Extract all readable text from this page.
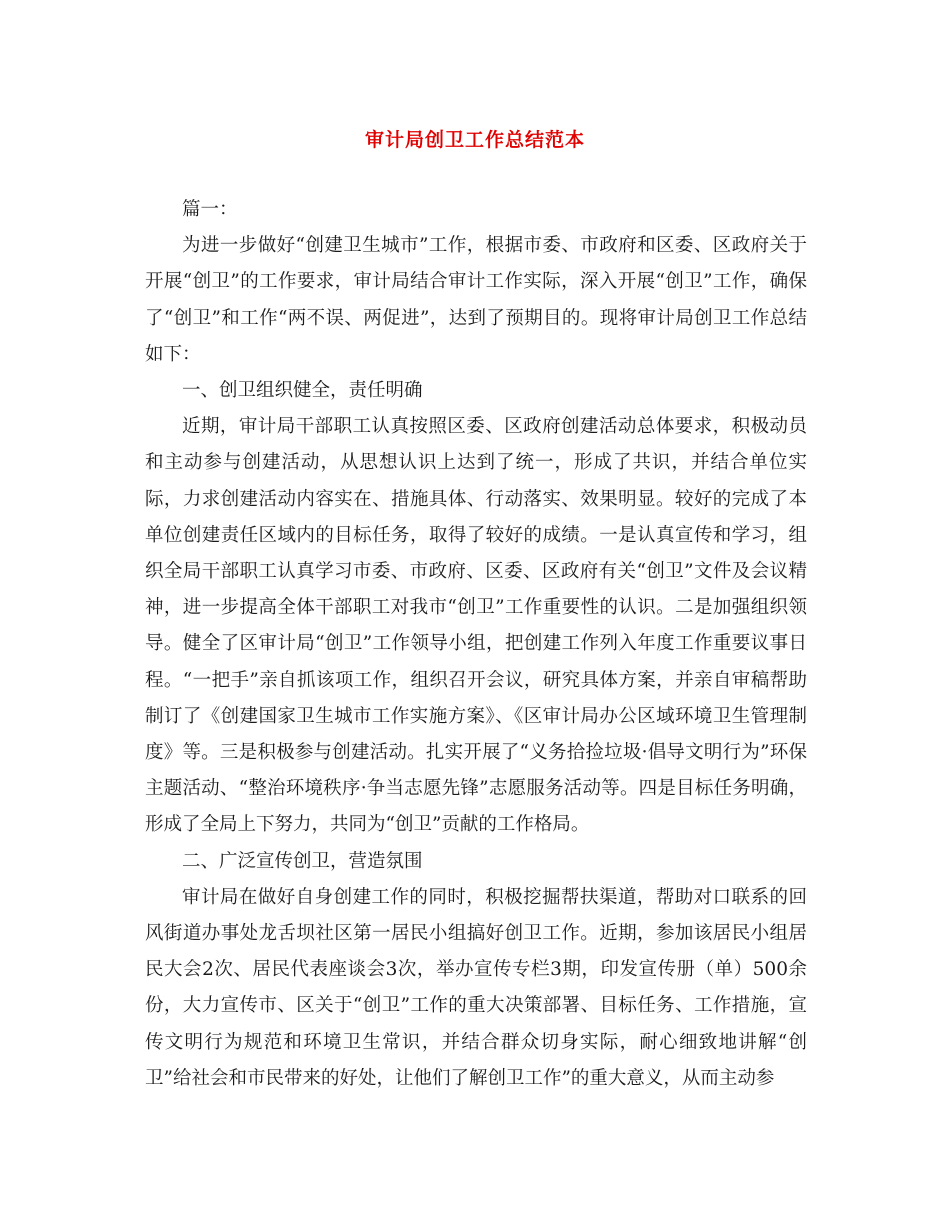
审计局创卫工作总结范本

篇一：

为进一步做好“创建卫生城市”工作，根据市委、市政府和区委、区政府关于开展“创卫”的工作要求，审计局结合审计工作实际，深入开展“创卫”工作，确保了“创卫”和工作“两不误、两促进”，达到了预期目的。现将审计局创卫工作总结如下：

一、创卫组织健全，责任明确

近期，审计局干部职工认真按照区委、区政府创建活动总体要求，积极动员和主动参与创建活动，从思想认识上达到了统一，形成了共识，并结合单位实际，力求创建活动内容实在、措施具体、行动落实、效果明显。较好的完成了本单位创建责任区域内的目标任务，取得了较好的成绩。一是认真宣传和学习，组织全局干部职工认真学习市委、市政府、区委、区政府有关“创卫”文件及会议精神，进一步提高全体干部职工对我市“创卫”工作重要性的认识。二是加强组织领导。健全了区审计局“创卫”工作领导小组，把创建工作列入年度工作重要议事日程。“一把手”亲自抓该项工作，组织召开会议，研究具体方案，并亲自审稿帮助制订了《创建国家卫生城市工作实施方案》、《区审计局办公区域环境卫生管理制度》等。三是积极参与创建活动。扎实开展了“义务拾捡垃圾·倡导文明行为”环保主题活动、“整治环境秩序·争当志愿先锋”志愿服务活动等。四是目标任务明确，形成了全局上下努力，共同为“创卫”贡献的工作格局。

二、广泛宣传创卫，营造氛围

审计局在做好自身创建工作的同时，积极挖掘帮扶渠道，帮助对口联系的回风街道办事处龙舌坝社区第一居民小组搞好创卫工作。近期，参加该居民小组居民大会2次、居民代表座谈会3次，举办宣传专栏3期，印发宣传册（单）500余份，大力宣传市、区关于“创卫”工作的重大决策部署、目标任务、工作措施，宣传文明行为规范和环境卫生常识，并结合群众切身实际，耐心细致地讲解“创卫”给社会和市民带来的好处，让他们了解创卫工作”的重大意义，从而主动参
